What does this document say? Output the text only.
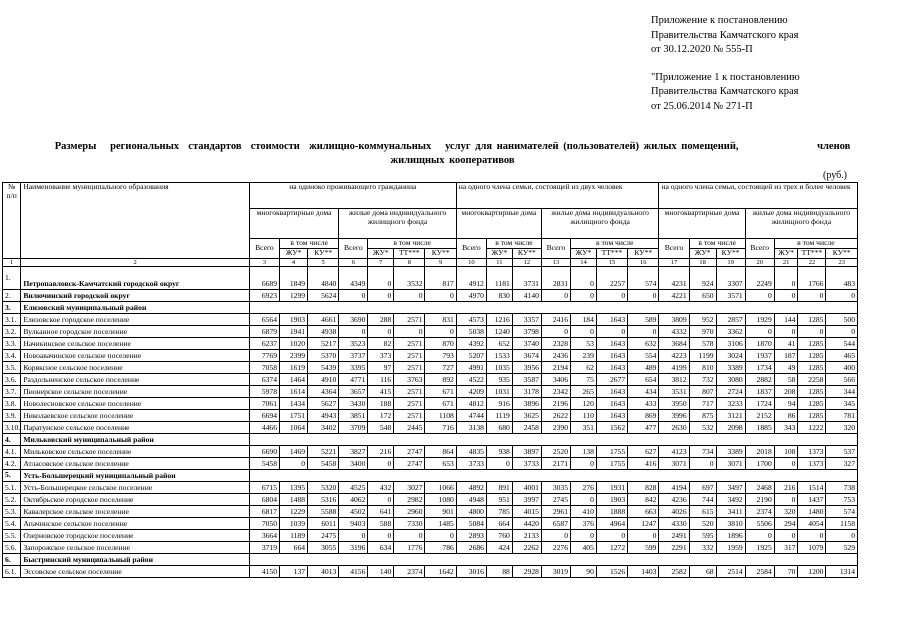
Приложение к постановлению

Правительства Камчатского края

от 30.12.2020 № 555-П

"Приложение 1 к постановлению

Правительства Камчатского края

от 25.06.2014 № 271-П

Размеры   региональных  стандартов  стоимости  жилищно-коммунальных   услуг для нанимателей (пользователей) жилых помещений,                 членов
жилищных кооперативов
(руб.)
№ п/п	Наименование муниципального образования	на одиноко проживающего гражданина							на одного члена семьи, состоящей из двух человек							на одного члена семьи, состоящей из трех и более человек						
		многоквартирные дома			жилые дома индивидуального жилищного фонда				многоквартирные дома			жилые дома индивидуального жилищного фонда				многоквартирные дома			жилые дома индивидуального жилищного фонда			
		Всего	в том числе		Всего	в том числе			Всего	в том числе		Всего	в том числе			Всего	в том числе		Всего	в том числе		
			ЖУ*	КУ**		ЖУ*	ТТ***	КУ**		ЖУ*	КУ**		ЖУ*	ТТ***	КУ**		ЖУ*	КУ**		ЖУ*	ТТ***	КУ**
1	2	3	4	5	6	7	8	9	10	11	12	13	14	15	16	17	18	19	20	21	22	23
1.	Петропавловск-Камчатский городской округ	6689	1849	4840	4349	0	3532	817	4912	1181	3731	2831	0	2257	574	4231	924	3307	2249	0	1766	483
2.	Вилючинский городской округ	6923	1299	5624	0	0	0	0	4970	830	4140	0	0	0	0	4221	650	3571	0	0	0	0
3.	Елизовский муниципальный район																					
3.1.	Елизовское городское поселение	6564	1903	4661	3690	288	2571	831	4573	1216	3357	2416	184	1643	589	3809	952	2857	1929	144	1285	500
3.2.	Вулканное городское поселение	6879	1941	4938	0	0	0	0	5038	1240	3798	0	0	0	0	4332	970	3362	0	0	0	0
3.3.	Начикинское сельское поселение	6237	1020	5217	3523	82	2571	870	4392	652	3740	2328	53	1643	632	3684	578	3106	1870	41	1285	544
3.4.	Новоавачинское сельское поселение	7769	2399	5370	3737	373	2571	793	5207	1533	3674	2436	239	1643	554	4223	1199	3024	1937	187	1285	465
3.5.	Коряксное сельское поселение	7058	1619	5439	3395	97	2571	727	4991	1035	3956	2194	62	1643	489	4199	810	3389	1734	49	1285	400
3.6.	Раздольненское сельское поселение	6374	1464	4910	4771	116	3763	892	4522	935	3587	3406	75	2677	654	3812	732	3080	2882	58	2258	566
3.7.	Пионерское сельское поселение	5978	1614	4364	3657	415	2571	671	4209	1031	3178	2342	265	1643	434	3531	807	2724	1837	208	1285	344
3.8.	Новолесновское сельское поселение	7061	1434	5627	3430	188	2571	671	4812	916	3896	2196	120	1643	433	3950	717	3233	1724	94	1285	345
3.9.	Николаевское сельское поселение	6694	1751	4943	3851	172	2571	1108	4744	1119	3625	2622	110	1643	869	3996	875	3121	2152	86	1285	781
3.10.	Паратунское сельское поселение	4466	1064	3402	3709	548	2445	716	3138	680	2458	2390	351	1562	477	2630	532	2098	1885	343	1222	320
4.	Мильковский муниципальный район																					
4.1.	Мильковское сельское поселение	6690	1469	5221	3827	216	2747	864	4835	938	3897	2520	138	1755	627	4123	734	3389	2018	108	1373	537
4.2.	Атласовское сельское поселение	5458	0	5458	3400	0	2747	653	3733	0	3733	2171	0	1755	416	3071	0	3071	1700	0	1373	327
5.	Усть-Большерецкий муниципальный район																					
5.1.	Усть-Большерецкое сельское поселение	6715	1395	5320	4525	432	3027	1066	4892	891	4001	3035	276	1931	828	4194	697	3497	2468	216	1514	738
5.2.	Октябрьское городское поселение	6804	1488	5316	4062	0	2982	1080	4948	951	3997	2745	0	1903	842	4236	744	3492	2190	0	1437	753
5.3.	Кавалерское сельское поселение	6817	1229	5588	4502	641	2960	901	4800	785	4015	2961	410	1888	663	4026	615	3411	2374	320	1480	574
5.4.	Апачинское сельское поселение	7050	1039	6011	9403	588	7330	1485	5084	664	4420	6587	376	4964	1247	4330	520	3810	5506	294	4054	1158
5.5.	Озерновское городское поселение	3664	1189	2475	0	0	0	0	2893	760	2133	0	0	0	0	2491	595	1896	0	0	0	0
5.6.	Запорожское сельское поселение	3719	664	3055	3196	634	1776	786	2686	424	2262	2276	405	1272	599	2291	332	1959	1925	317	1079	529
6.	Быстринский муниципальный район																					
6.1.	Эссовское сельское поселение	4150	137	4013	4156	140	2374	1642	3016	88	2928	3019	90	1526	1403	2582	68	2514	2584	70	1200	1314
